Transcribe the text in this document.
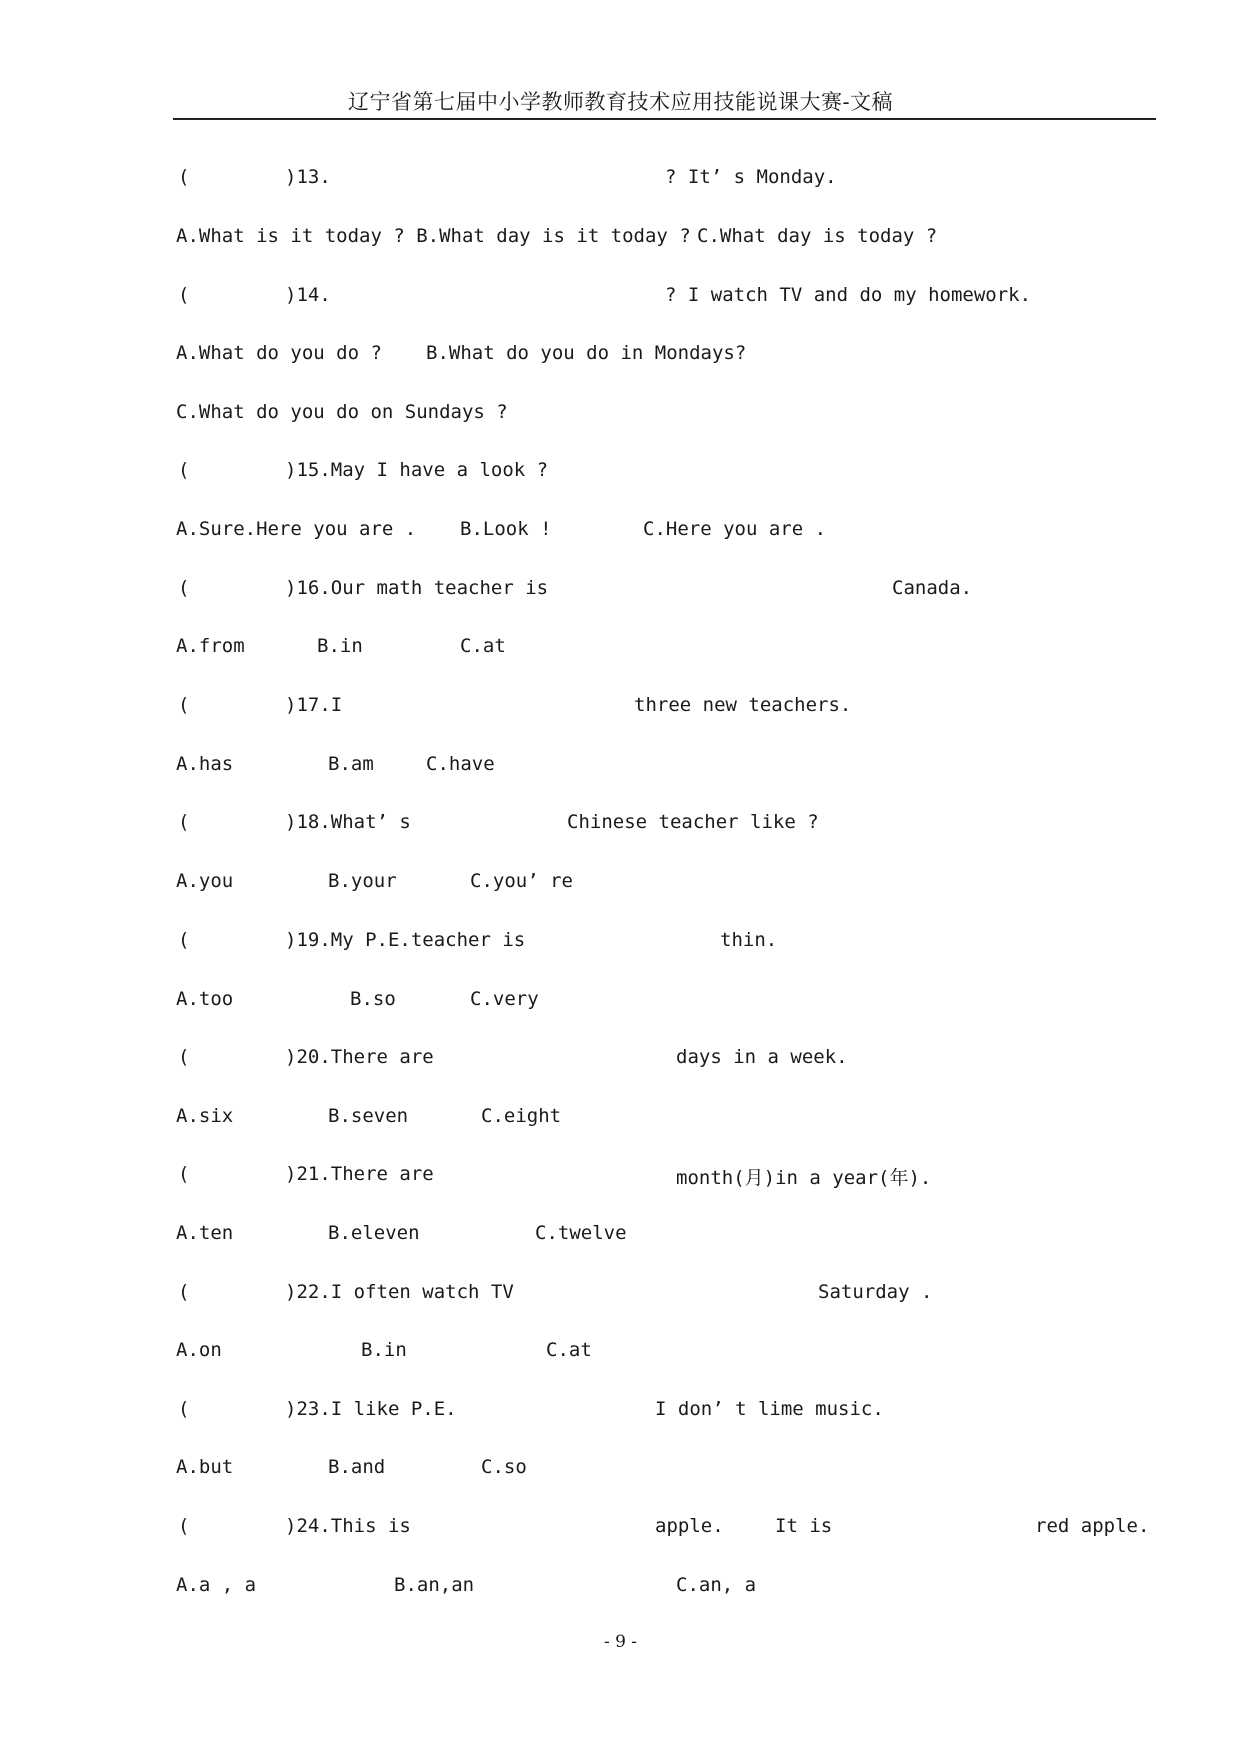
辽宁省第七届中小学教师教育技术应用技能说课大赛-文稿
(	)13.	? It’ s Monday.
A.What is it today ? B.What day is it today ? C.What day is today ?
(	)14.	? I watch TV and do my homework.
A.What do you do ? B.What do you do in Mondays?
C.What do you do on Sundays ?
(	)15.May I have a look ?
A.Sure.Here you are . B.Look !	C.Here you are .
(	)16.Our math teacher is	Canada.
A.from	B.in	C.at
(	)17.I	three new teachers.
A.has	B.am	C.have
(	)18.What’ s	Chinese teacher like ?
A.you	B.your	C.you’ re
(	)19.My P.E.teacher is	thin.
A.too	B.so	C.very
(	)20.There are	days in a week.
A.six	B.seven	C.eight
(	)21.There are	month(月)in a year(年).
A.ten	B.eleven	C.twelve
(	)22.I often watch TV	Saturday .
A.on	B.in	C.at
(	)23.I like P.E.	I don’ t lime music.
A.but	B.and	C.so
(	)24.This is	apple.	It is	red apple.
A.a , a	B.an,an	C.an, a
- 9 -
